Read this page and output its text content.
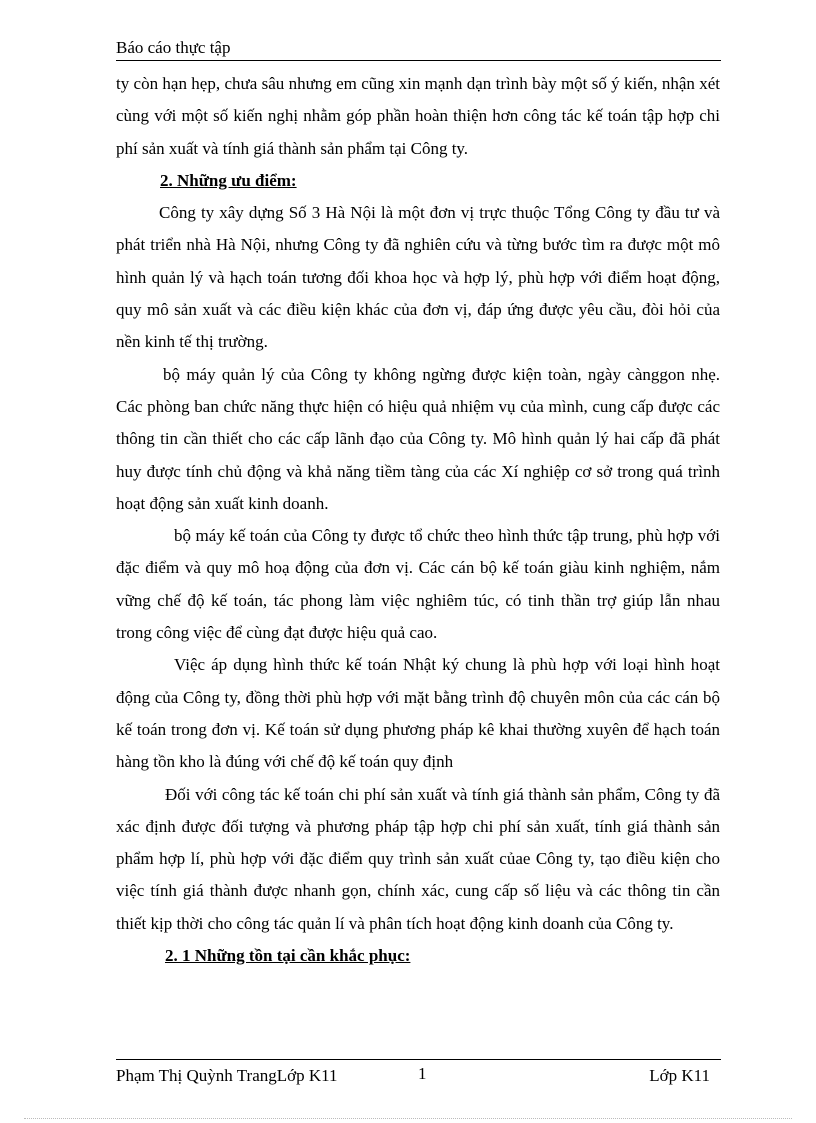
Báo cáo thực tập

ty còn hạn hẹp, chưa sâu nhưng em cũng xin mạnh dạn trình bày một số ý kiến, nhận xét cùng với một số kiến nghị nhằm góp phần hoàn thiện hơn công tác kế toán tập hợp chi phí sản xuất và tính giá thành sản phẩm tại Công ty.

2. Những ưu điểm:

Công ty xây dựng Số 3 Hà Nội là một đơn vị trực thuộc Tổng Công ty đầu tư và phát triển nhà Hà Nội, nhưng Công ty đã nghiên cứu và từng bước tìm ra được một mô hình quản lý và hạch toán tương đối khoa học và hợp lý, phù hợp với điểm hoạt động, quy mô sản xuất và các điều kiện khác của đơn vị, đáp ứng được yêu cầu, đòi hỏi của nền kinh tế thị trường.

bộ máy quản lý của Công ty không ngừng được kiện toàn, ngày cànggon nhẹ. Các phòng ban chức năng thực hiện có hiệu quả nhiệm vụ của mình, cung cấp được các thông tin cần thiết cho các cấp lãnh đạo của Công ty. Mô hình quản lý hai cấp đã phát huy được tính chủ động và khả năng tiềm tàng của các Xí nghiệp cơ sở trong quá trình hoạt động sản xuất kinh doanh.

bộ máy kế toán của Công ty được tổ chức theo hình thức tập trung, phù hợp với đặc điểm và quy mô hoạ động của đơn vị. Các cán bộ kế toán giàu kinh nghiệm, nắm vững chế độ kế toán, tác phong làm việc nghiêm túc, có tinh thần trợ giúp lẫn nhau trong công việc để cùng đạt được hiệu quả cao.

Việc áp dụng hình thức kế toán Nhật ký chung là phù hợp với loại hình hoạt động của Công ty, đồng thời phù hợp với mặt bằng trình độ chuyên môn của các cán bộ kế toán trong đơn vị. Kế toán sử dụng phương pháp kê khai thường xuyên để hạch toán hàng tồn kho là đúng với chế độ kế toán quy định

Đối với công tác kế toán chi phí sản xuất và tính giá thành sản phẩm, Công ty đã xác định được đối tượng và phương pháp tập hợp chi phí sản xuất, tính giá thành sản phẩm hợp lí, phù hợp với đặc điểm quy trình sản xuất củae Công ty, tạo điều kiện cho việc tính giá thành được nhanh gọn, chính xác, cung cấp số liệu và các thông tin cần thiết kịp thời cho công tác quản lí và phân tích hoạt động kinh doanh của Công ty.

2. 1 Những tồn tại cần khắc phục:

Phạm Thị Quỳnh TrangLớp K11	1	Lớp K11
